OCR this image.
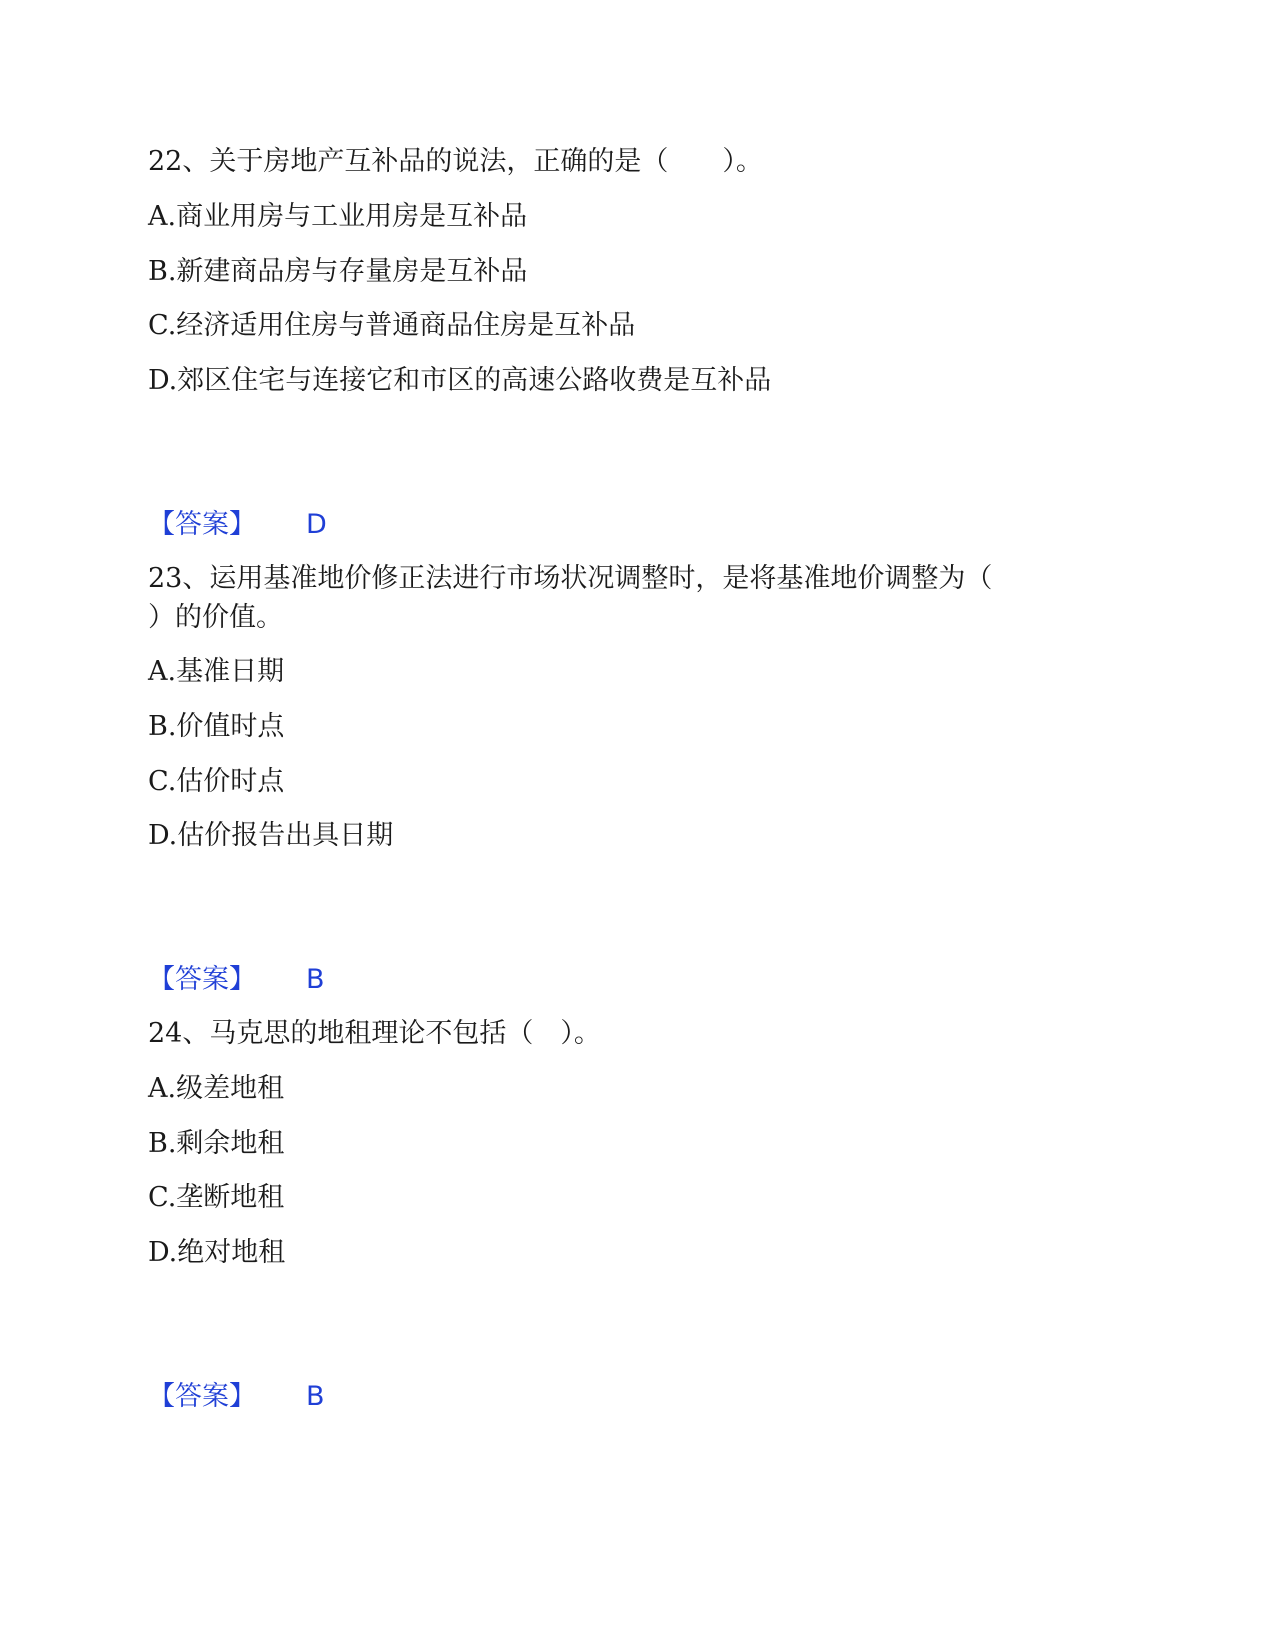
22、关于房地产互补品的说法，正确的是（　　）。
A.商业用房与工业用房是互补品
B.新建商品房与存量房是互补品
C.经济适用住房与普通商品住房是互补品
D.郊区住宅与连接它和市区的高速公路收费是互补品
【答案】 D
23、运用基准地价修正法进行市场状况调整时，是将基准地价调整为（
）的价值。
A.基准日期
B.价值时点
C.估价时点
D.估价报告出具日期
【答案】 B
24、马克思的地租理论不包括（　）。
A.级差地租
B.剩余地租
C.垄断地租
D.绝对地租
【答案】 B
